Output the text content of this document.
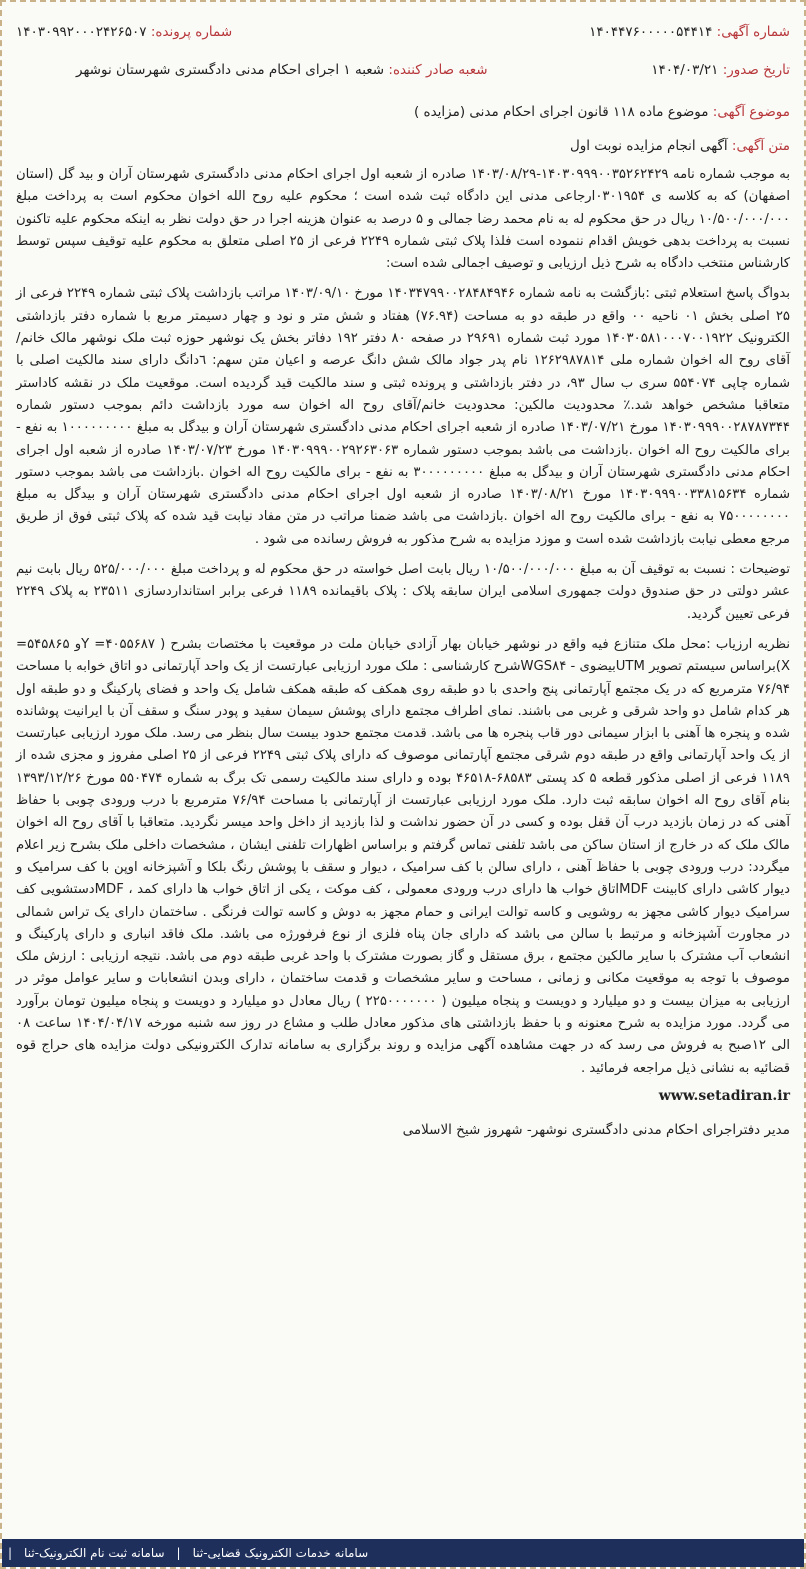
شماره آگهی: ۱۴۰۴۴۷۶۰۰۰۰۰۵۴۴۱۴
شماره پرونده: ۱۴۰۳۰۹۹۲۰۰۰۲۴۲۶۵۰۷
تاریخ صدور: ۱۴۰۴/۰۳/۲۱
شعبه صادر کننده: شعبه ۱ اجرای احکام مدنی دادگستری شهرستان نوشهر
موضوع آگهی: موضوع ماده ۱۱۸ قانون اجرای احکام مدنی (مزایده )
متن آگهی: آگهی انجام مزایده نوبت اول

به موجب شماره نامه ۱۴۰۳۰۹۹۹۰۰۳۵۲۶۲۴۲۹-۱۴۰۳/۰۸/۲۹ صادره از شعبه اول اجرای احکام مدنی دادگستری شهرستان آران و بید گل (استان اصفهان) که به کلاسه ی ۰۳۰۱۹۵۴ارجاعی مدنی این دادگاه ثبت شده است ؛ محکوم علیه روح الله اخوان محکوم است به پرداخت مبلغ ۱۰/۵۰۰/۰۰۰/۰۰۰ ریال در حق محکوم له به نام محمد رضا جمالی و ۵ درصد به عنوان هزینه اجرا در حق دولت نظر به اینکه محکوم علیه تاکنون نسبت به پرداخت بدهی خویش اقدام ننموده است فلذا پلاک ثبتی شماره ۲۲۴۹ فرعی از ۲۵ اصلی متعلق به محکوم علیه توقیف سپس توسط کارشناس منتخب دادگاه به شرح ذیل ارزیابی و توصیف اجمالی شده است:

بدواگ پاسخ استعلام ثبتی :بازگشت به نامه شماره ۱۴۰۳۴۷۹۹۰۰۲۸۴۸۴۹۴۶ مورخ ۱۴۰۳/۰۹/۱۰ مراتب بازداشت پلاک ثبتی شماره ۲۲۴۹ فرعی از ۲۵ اصلی بخش ۰۱ ناحیه ۰۰ واقع در طبقه دو به مساحت (۷۶.۹۴) هفتاد و شش متر و نود و چهار دسیمتر مربع با شماره دفتر بازداشتی الکترونیک ۱۴۰۳۰۵۸۱۰۰۰۷۰۰۱۹۲۲ مورد ثبت شماره ۲۹۶۹۱ در صفحه ۸۰ دفتر ۱۹۲ دفاتر بخش یک نوشهر حوزه ثبت ملک نوشهر مالک خانم/آقای روح اله اخوان شماره ملی ۱۲۶۲۹۸۷۸۱۴ نام پدر جواد مالک شش دانگ عرصه و اعیان متن سهم: ٦دانگ دارای سند مالکیت اصلی با شماره چاپی ۵۵۴۰۷۴ سری ب سال ۹۳، در دفتر بازداشتی و پرونده ثبتی و سند مالکیت قید گردیده است. موقعیت ملک در نقشه کاداستر متعاقبا مشخص خواهد شد.٪ محدودیت مالکین: محدودیت خانم/آقای روح اله اخوان سه مورد بازداشت دائم بموجب دستور شماره ۱۴۰۳۰۹۹۹۰۰۲۸۷۸۷۳۴۴ مورخ ۱۴۰۳/۰۷/۲۱ صادره از شعبه اجرای احکام مدنی دادگستری شهرستان آران و بیدگل به مبلغ ۱۰۰۰۰۰۰۰۰۰ به نفع - برای مالکیت روح اله اخوان .بازداشت می باشد بموجب دستور شماره ۱۴۰۳۰۹۹۹۰۰۲۹۲۶۳۰۶۳ مورخ ۱۴۰۳/۰۷/۲۳ صادره از شعبه اول اجرای احکام مدنی دادگستری شهرستان آران و بیدگل به مبلغ ۳۰۰۰۰۰۰۰۰۰ به نفع - برای مالکیت روح اله اخوان .بازداشت می باشد بموجب دستور شماره ۱۴۰۳۰۹۹۹۰۰۳۳۸۱۵۶۳۴ مورخ ۱۴۰۳/۰۸/۲۱ صادره از شعبه اول اجرای احکام مدنی دادگستری شهرستان آران و بیدگل به مبلغ ۷۵۰۰۰۰۰۰۰۰ به نفع - برای مالکیت روح اله اخوان .بازداشت می باشد ضمنا مراتب در متن مفاد نیابت قید شده که پلاک ثبتی فوق از طریق مرجع معطی نیابت بازداشت شده است و موزد مزایده به شرح مذکور به فروش رسانده می شود .

توضیحات : نسبت به توقیف آن به مبلغ ۱۰/۵۰۰/۰۰۰/۰۰۰ ریال بابت اصل خواسته در حق محکوم له و پرداخت مبلغ ۵۲۵/۰۰۰/۰۰۰ ریال بابت نیم عشر دولتی در حق صندوق دولت جمهوری اسلامی ایران سابقه پلاک : پلاک باقیمانده ۱۱۸۹ فرعی برابر استانداردسازی ۲۳۵۱۱ به پلاک ۲۲۴۹ فرعی تعیین گردید.

نظریه ارزیاب :محل ملک متنازع فیه واقع در نوشهر خیابان بهار آزادی خیابان ملت در موقعیت با مختصات بشرح ( ۴۰۵۵۶۸۷= Yو ۵۴۵۸۶۵= X)براساس سیستم تصویر UTMبیضوی - WGS۸۴شرح کارشناسی : ملک مورد ارزیابی عبارتست از یک واحد آپارتمانی دو اتاق خوابه با مساحت ۷۶/۹۴ مترمربع که در یک مجتمع آپارتمانی پنج واحدی با دو طبقه روی همکف که طبقه همکف شامل یک واحد و فضای پارکینگ و دو طبقه اول هر کدام شامل دو واحد شرقی و غربی می باشند. نمای اطراف مجتمع دارای پوشش سیمان سفید و پودر سنگ و سقف آن با ایرانیت پوشانده شده و پنجره ها آهنی با ابزار سیمانی دور قاب پنجره ها می باشد. قدمت مجتمع حدود بیست سال بنظر می رسد. ملک مورد ارزیابی عبارتست از یک واحد آپارتمانی واقع در طبقه دوم شرقی مجتمع آپارتمانی موصوف که دارای پلاک ثبتی ۲۲۴۹ فرعی از ۲۵ اصلی مفروز و مجزی شده از ۱۱۸۹ فرعی از اصلی مذکور قطعه ۵ کد پستی ۶۸۵۸۳-۴۶۵۱۸ بوده و دارای سند مالکیت رسمی تک برگ به شماره ۵۵۰۴۷۴ مورخ ۱۳۹۳/۱۲/۲۶ بنام آقای روح اله اخوان سابقه ثبت دارد. ملک مورد ارزیابی عبارتست از آپارتمانی با مساحت ۷۶/۹۴ مترمربع با درب ورودی چوبی با حفاظ آهنی که در زمان بازدید درب آن قفل بوده و کسی در آن حضور نداشت و لذا بازدید از داخل واحد میسر نگردید. متعاقبا با آقای روح اله اخوان مالک ملک که در خارج از استان ساکن می باشد تلفنی تماس گرفتم و براساس اظهارات تلفنی ایشان ، مشخصات داخلی ملک بشرح زیر اعلام میگردد: درب ورودی چوبی با حفاظ آهنی ، دارای سالن با کف سرامیک ، دیوار و سقف با پوشش رنگ بلکا و آشپزخانه اوپن با کف سرامیک و دیوار کاشی دارای کابینت MDFاتاق خواب ها دارای درب ورودی معمولی ، کف موکت ، یکی از اتاق خواب ها دارای کمد ، MDFدستشویی کف سرامیک دیوار کاشی مجهز به روشویی و کاسه توالت ایرانی و حمام مجهز به دوش و کاسه توالت فرنگی . ساختمان دارای یک تراس شمالی در مجاورت آشپزخانه و مرتبط با سالن می باشد که دارای جان پناه فلزی از نوع فرفورژه می باشد. ملک فاقد انباری و دارای پارکینگ و انشعاب آب مشترک با سایر مالکین مجتمع ، برق مستقل و گاز بصورت مشترک با واحد غربی طبقه دوم می باشد. نتیجه ارزیابی : ارزش ملک موصوف با توجه به موقعیت مکانی و زمانی ، مساحت و سایر مشخصات و قدمت ساختمان ، دارای وبدن انشعابات و سایر عوامل موثر در ارزیابی به میزان بیست و دو میلیارد و دویست و پنجاه میلیون ( ۲۲۵۰۰۰۰۰۰۰ ) ریال معادل دو میلیارد و دویست و پنجاه میلیون تومان برآورد می گردد. مورد مزایده به شرح معنونه و با حفظ بازداشتی های مذکور معادل طلب و مشاع در روز سه شنبه مورخه ۱۴۰۴/۰۴/۱۷ ساعت ۰۸ الی ۱۲صبح به فروش می رسد که در جهت مشاهده آگهی مزایده و روند برگزاری به سامانه تدارک الکترونیکی دولت مزایده های حراج قوه قضائیه به نشانی ذیل مراجعه فرمائید .

www.setadiran.ir
مدیر دفتراجرای احکام مدنی دادگستری نوشهر- شهروز شیخ الاسلامی
سامانه خدمات الکترونیک قضایی-ثنا
|
سامانه ثبت نام الکترونیک-ثنا
|
